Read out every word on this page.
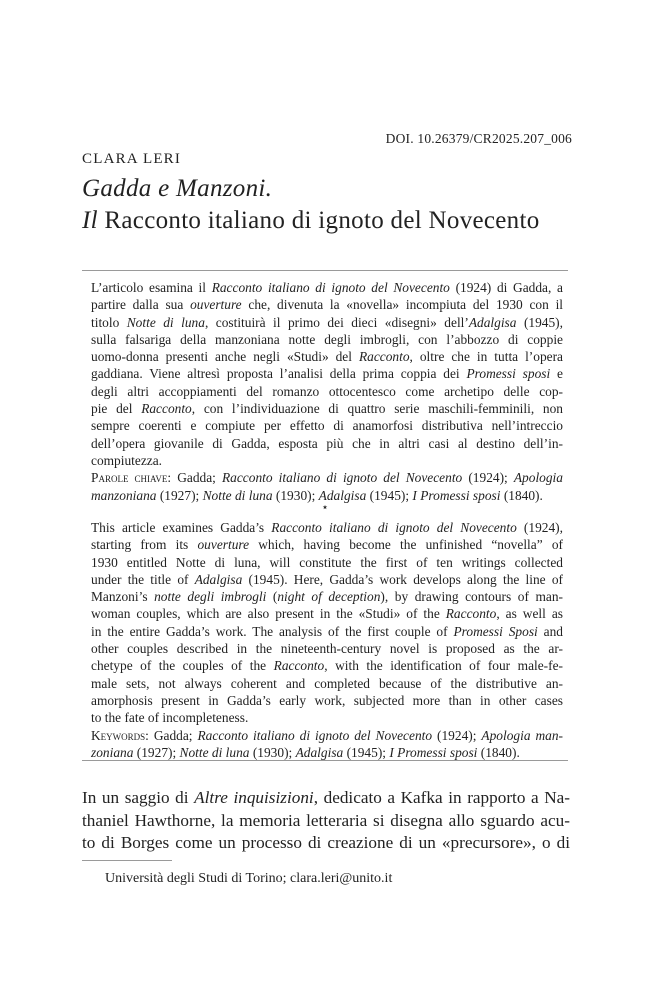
DOI. 10.26379/CR2025.207_006
CLARA LERI
Gadda e Manzoni.
Il Racconto italiano di ignoto del Novecento
L’articolo esamina il Racconto italiano di ignoto del Novecento (1924) di Gadda, a
partire dalla sua ouverture che, divenuta la «novella» incompiuta del 1930 con il
titolo Notte di luna, costituirà il primo dei dieci «disegni» dell’Adalgisa (1945),
sulla falsariga della manzoniana notte degli imbrogli, con l’abbozzo di coppie
uomo-donna presenti anche negli «Studi» del Racconto, oltre che in tutta l’opera
gaddiana. Viene altresì proposta l’analisi della prima coppia dei Promessi sposi e
degli altri accoppiamenti del romanzo ottocentesco come archetipo delle cop-
pie del Racconto, con l’individuazione di quattro serie maschili-femminili, non
sempre coerenti e compiute per effetto di anamorfosi distributiva nell’intreccio
dell’opera giovanile di Gadda, esposta più che in altri casi al destino dell’in-
compiutezza.
Parole chiave: Gadda; Racconto italiano di ignoto del Novecento (1924); Apologia
manzoniana (1927); Notte di luna (1930); Adalgisa (1945); I Promessi sposi (1840).
⋆
This article examines Gadda’s Racconto italiano di ignoto del Novecento (1924),
starting from its ouverture which, having become the unfinished “novella” of
1930 entitled Notte di luna, will constitute the first of ten writings collected
under the title of Adalgisa (1945). Here, Gadda’s work develops along the line of
Manzoni’s notte degli imbrogli (night of deception), by drawing contours of man-
woman couples, which are also present in the «Studi» of the Racconto, as well as
in the entire Gadda’s work. The analysis of the first couple of Promessi Sposi and
other couples described in the nineteenth-century novel is proposed as the ar-
chetype of the couples of the Racconto, with the identification of four male-fe-
male sets, not always coherent and completed because of the distributive an-
amorphosis present in Gadda’s early work, subjected more than in other cases
to the fate of incompleteness.
Keywords: Gadda; Racconto italiano di ignoto del Novecento (1924); Apologia man-
zoniana (1927); Notte di luna (1930); Adalgisa (1945); I Promessi sposi (1840).
In un saggio di Altre inquisizioni, dedicato a Kafka in rapporto a Na-
thaniel Hawthorne, la memoria letteraria si disegna allo sguardo acu-
to di Borges come un processo di creazione di un «precursore», o di
Università degli Studi di Torino; clara.leri@unito.it
